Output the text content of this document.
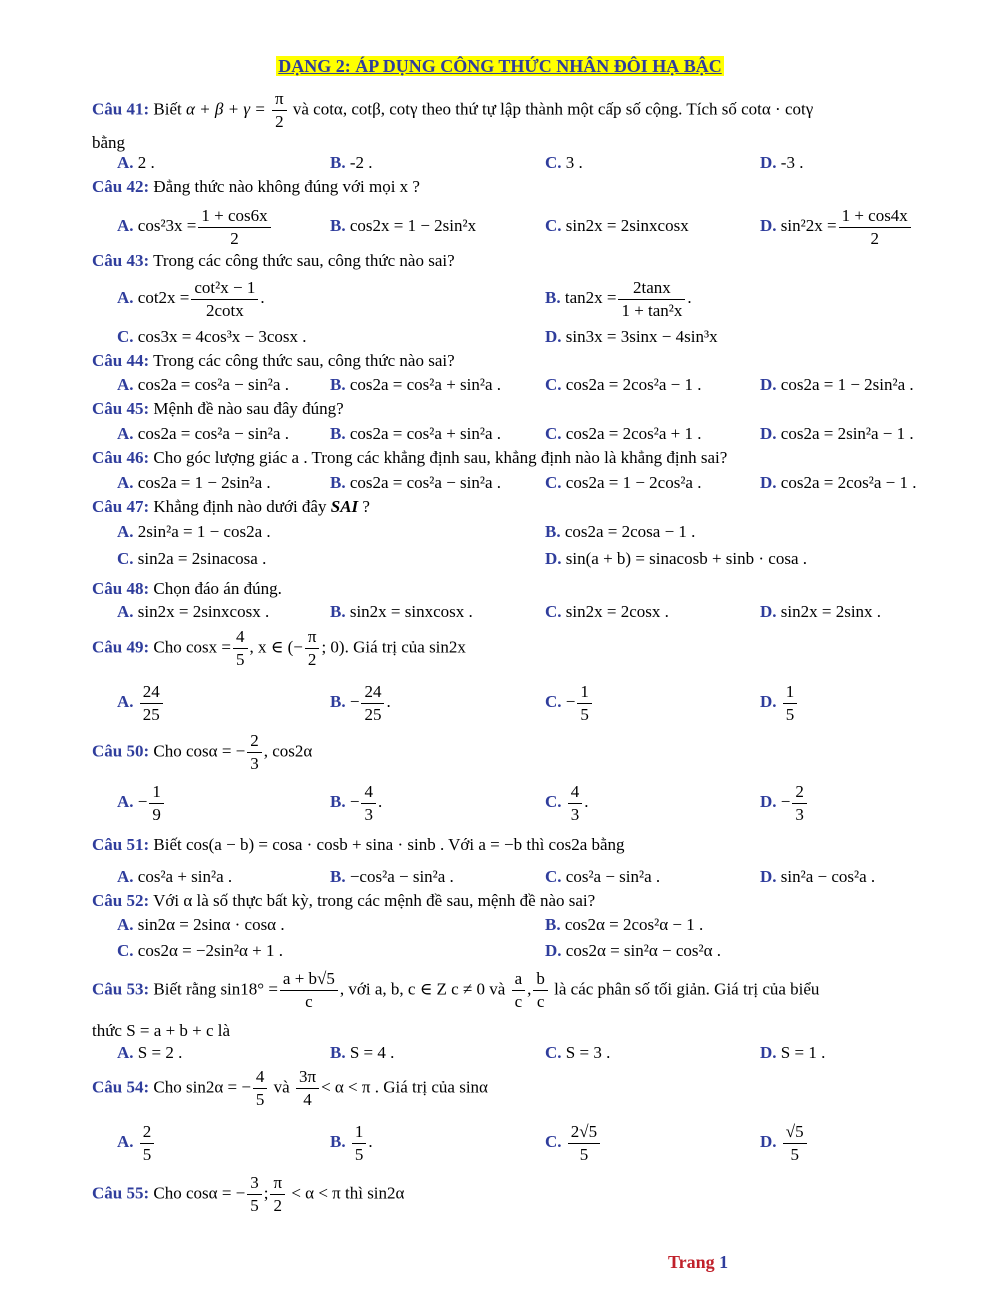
DẠNG 2: ÁP DỤNG CÔNG THỨC NHÂN ĐÔI HẠ BẬC
Câu 41: Biết $\alpha + \beta + \gamma = \frac{\pi}{2}$ và cotα, cotβ, cotγ theo thứ tự lập thành một cấp số cộng. Tích số cotα · cotγ
bằng
A. 2 .	B. -2 .	C. 3 .	D. -3 .
Câu 42: Đẳng thức nào không đúng với mọi x ?
A. $\cos^23x = \frac{1 + \cos 6x}{2}$	B. cos2x = 1 − 2sin²x	C. sin2x = 2sinxcosx	D. $\sin^22x = \frac{1 + \cos 4x}{2}$
Câu 43: Trong các công thức sau, công thức nào sai?
A. $\cot 2x = \frac{\text{cot²x − 1}}{2\cot x}$ .	B. $\tan 2x = \frac{2\tan x}{\text{1 + tan²x}}$ .
C. cos3x = 4cos³x − 3cosx .	D. sin3x = 3sinx − 4sin³x
Câu 44: Trong các công thức sau, công thức nào sai?
A. cos2a = cos²a − sin²a . B. cos2a = cos²a + sin²a .	C. cos2a = 2cos²a − 1 .	D. cos2a = 1 − 2sin²a .
Câu 45: Mệnh đề nào sau đây đúng?
A. cos2a = cos²a − sin²a . B. cos2a = cos²a + sin²a .	C. cos2a = 2cos²a + 1 .	D. cos2a = 2sin²a − 1 .
Câu 46: Cho góc lượng giác a . Trong các khẳng định sau, khẳng định nào là khẳng định sai?
A. cos2a = 1 − 2sin²a .	B. cos2a = cos²a − sin²a .	C. cos2a = 1 − 2cos²a .	D. cos2a = 2cos²a − 1 .
Câu 47: Khẳng định nào dưới đây SAI ?
A. 2sin²a = 1 − cos2a .	B. cos2a = 2cosa − 1 .
C. sin2a = 2sinacosa .	D. sin(a + b) = sinacosb + sinb · cosa .
Câu 48: Chọn đáo án đúng.
A. sin2x = 2sinxcosx .	B. sin2x = sinxcosx .	C. sin2x = 2cosx .	D. sin2x = 2sinx .
Câu 49: Cho $\cos x = \frac{4}{5}$ , x ∈ (− $\frac{\pi}{2}$ ; 0). Giá trị của sin2x
A. $\frac{24}{25}$	B. − $\frac{24}{25}$ .	C. − $\frac{1}{5}$	D. $\frac{1}{5}$
Câu 50: Cho cosα = − $\frac{2}{3}$ , cos2α
A. − $\frac{1}{9}$	B. − $\frac{4}{3}$ .	C. $\frac{4}{3}$ .	D. − $\frac{2}{3}$
Câu 51: Biết cos(a − b) = cosa · cosb + sina · sinb . Với a = −b thì cos2a bằng
A. cos²a + sin²a .	B. −cos²a − sin²a .	C. cos²a − sin²a .	D. sin²a − cos²a .
Câu 52: Với α là số thực bất kỳ, trong các mệnh đề sau, mệnh đề nào sai?
A. sin2α = 2sinα · cosα .	B. cos2α = 2cos²α − 1 .
C. cos2α = −2sin²α + 1 .	D. cos2α = sin²α − cos²α .
Câu 53: Biết rằng $\sin 18^\circ = \frac{a + b√5}{c}$ , với a, b, c ∈ Z c ≠ 0 và $\frac{a}{c}$ , $\frac{b}{c}$ là các phân số tối giản. Giá trị của biểu
thức S = a + b + c là
A. S = 2 .	B. S = 4 .	C. S = 3 .	D. S = 1 .
Câu 54: Cho sin2α = − $\frac{4}{5}$ và $\frac{3\pi}{4} < \alpha < \pi$ . Giá trị của sinα
A. $\frac{2}{5}$	B. $\frac{1}{5}$ .	C. $\frac{2√5}{5}$	D. $\frac{√5}{5}$
Câu 55: Cho cosα = − $\frac{3}{5}$ ; $\frac{\pi}{2} < \alpha < \pi$ thì sin2α
Trang 1
